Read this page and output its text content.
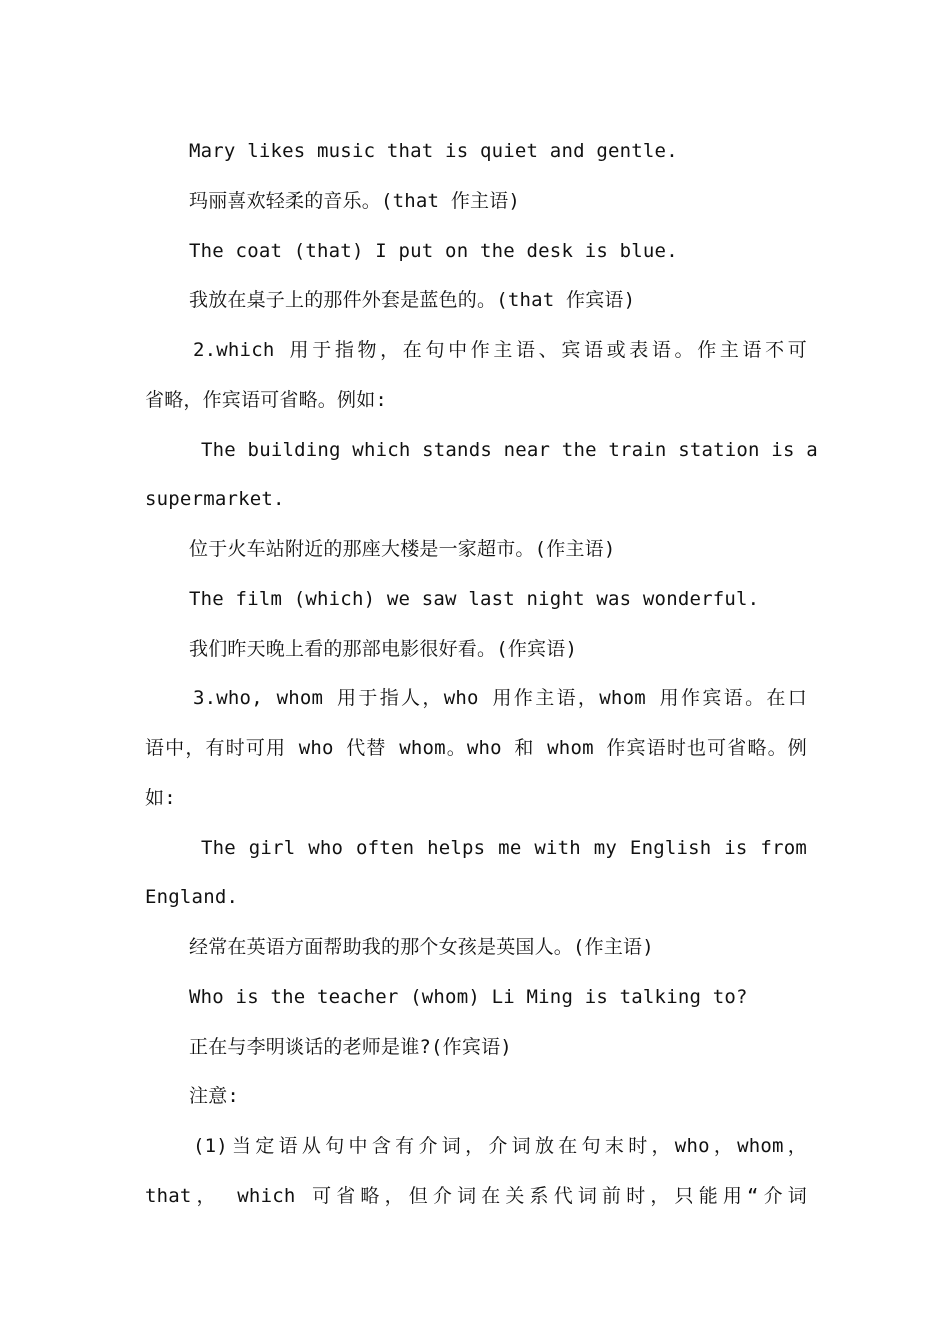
Mary likes music that is quiet and gentle.
玛丽喜欢轻柔的音乐。(that 作主语)
The coat (that) I put on the desk is blue.
我放在桌子上的那件外套是蓝色的。(that 作宾语)
2.which 用于指物，在句中作主语、宾语或表语。作主语不可
省略，作宾语可省略。例如:
The building which stands near the train station is a
supermarket.
位于火车站附近的那座大楼是一家超市。(作主语)
The film (which) we saw last night was wonderful.
我们昨天晚上看的那部电影很好看。(作宾语)
3.who, whom 用于指人，who 用作主语，whom 用作宾语。在口
语中，有时可用 who 代替 whom。who 和 whom 作宾语时也可省略。例
如:
The girl who often helps me with my English is from
England.
经常在英语方面帮助我的那个女孩是英国人。(作主语)
Who is the teacher (whom) Li Ming is talking to?
正在与李明谈话的老师是谁?(作宾语)
注意:
(1)当定语从句中含有介词，介词放在句末时，who，whom，
that， which 可省略，但介词在关系代词前时，只能用“介词
